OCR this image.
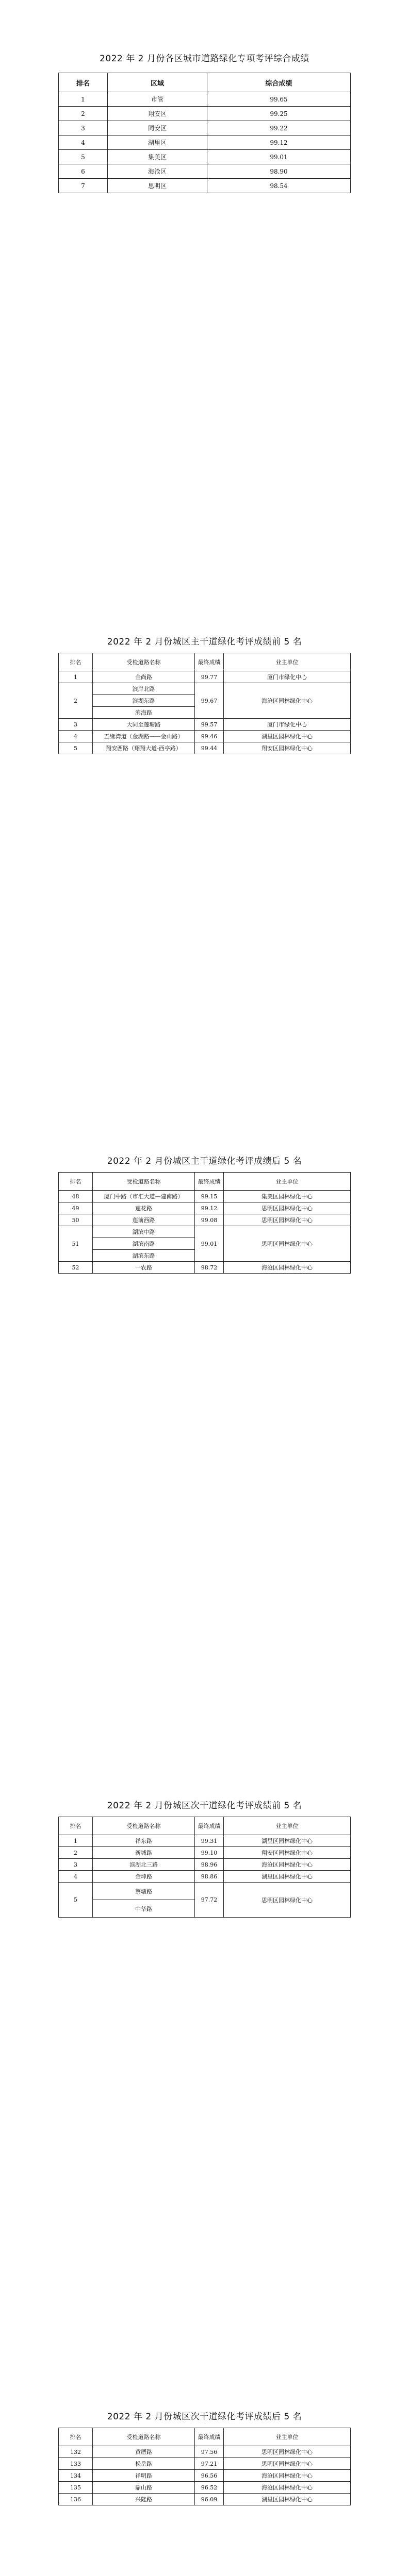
2022 年 2 月份各区城市道路绿化专项考评综合成绩
排名	区域	综合成绩
1	市管	99.65
2	翔安区	99.25
3	同安区	99.22
4	湖里区	99.12
5	集美区	99.01
6	海沧区	98.90
7	思明区	98.54
2022 年 2 月份城区主干道绿化考评成绩前 5 名
排名	受检道路名称	最终成绩	业主单位
1	金尚路	99.77	厦门市绿化中心
2	滨岸北路	99.67	海沧区园林绿化中心
	滨湖东路		
	滨海路		
3	大同至莲塘路	99.57	厦门市绿化中心
4	五缘湾道（金湖路——金山路）	99.46	湖里区园林绿化中心
5	翔安西路（翔翔大道-西亭路）	99.44	翔安区园林绿化中心
2022 年 2 月份城区主干道绿化考评成绩后 5 名
排名	受检道路名称	最终成绩	业主单位
48	厦门中路（市汇大道—建南路）	99.15	集美区园林绿化中心
49	莲花路	99.12	思明区园林绿化中心
50	莲前西路	99.08	思明区园林绿化中心
51	湖滨中路	99.01	思明区园林绿化中心
	湖滨南路		
	湖滨东路		
52	一农路	98.72	海沧区园林绿化中心
2022 年 2 月份城区次干道绿化考评成绩前 5 名
排名	受检道路名称	最终成绩	业主单位
1	祥东路	99.31	湖里区园林绿化中心
2	新城路	99.10	翔安区园林绿化中心
3	滨湖北三路	98.96	海沧区园林绿化中心
4	金坤路	98.86	湖里区园林绿化中心
5	蔡塘路	97.72	思明区园林绿化中心
	中华路		
2022 年 2 月份城区次干道绿化考评成绩后 5 名
排名	受检道路名称	最终成绩	业主单位
132	黄厝路	97.56	思明区园林绿化中心
133	松岳路	97.21	思明区园林绿化中心
134	祥明路	96.56	海沧区园林绿化中心
135	鼎山路	96.52	海沧区园林绿化中心
136	兴隆路	96.09	湖里区园林绿化中心
